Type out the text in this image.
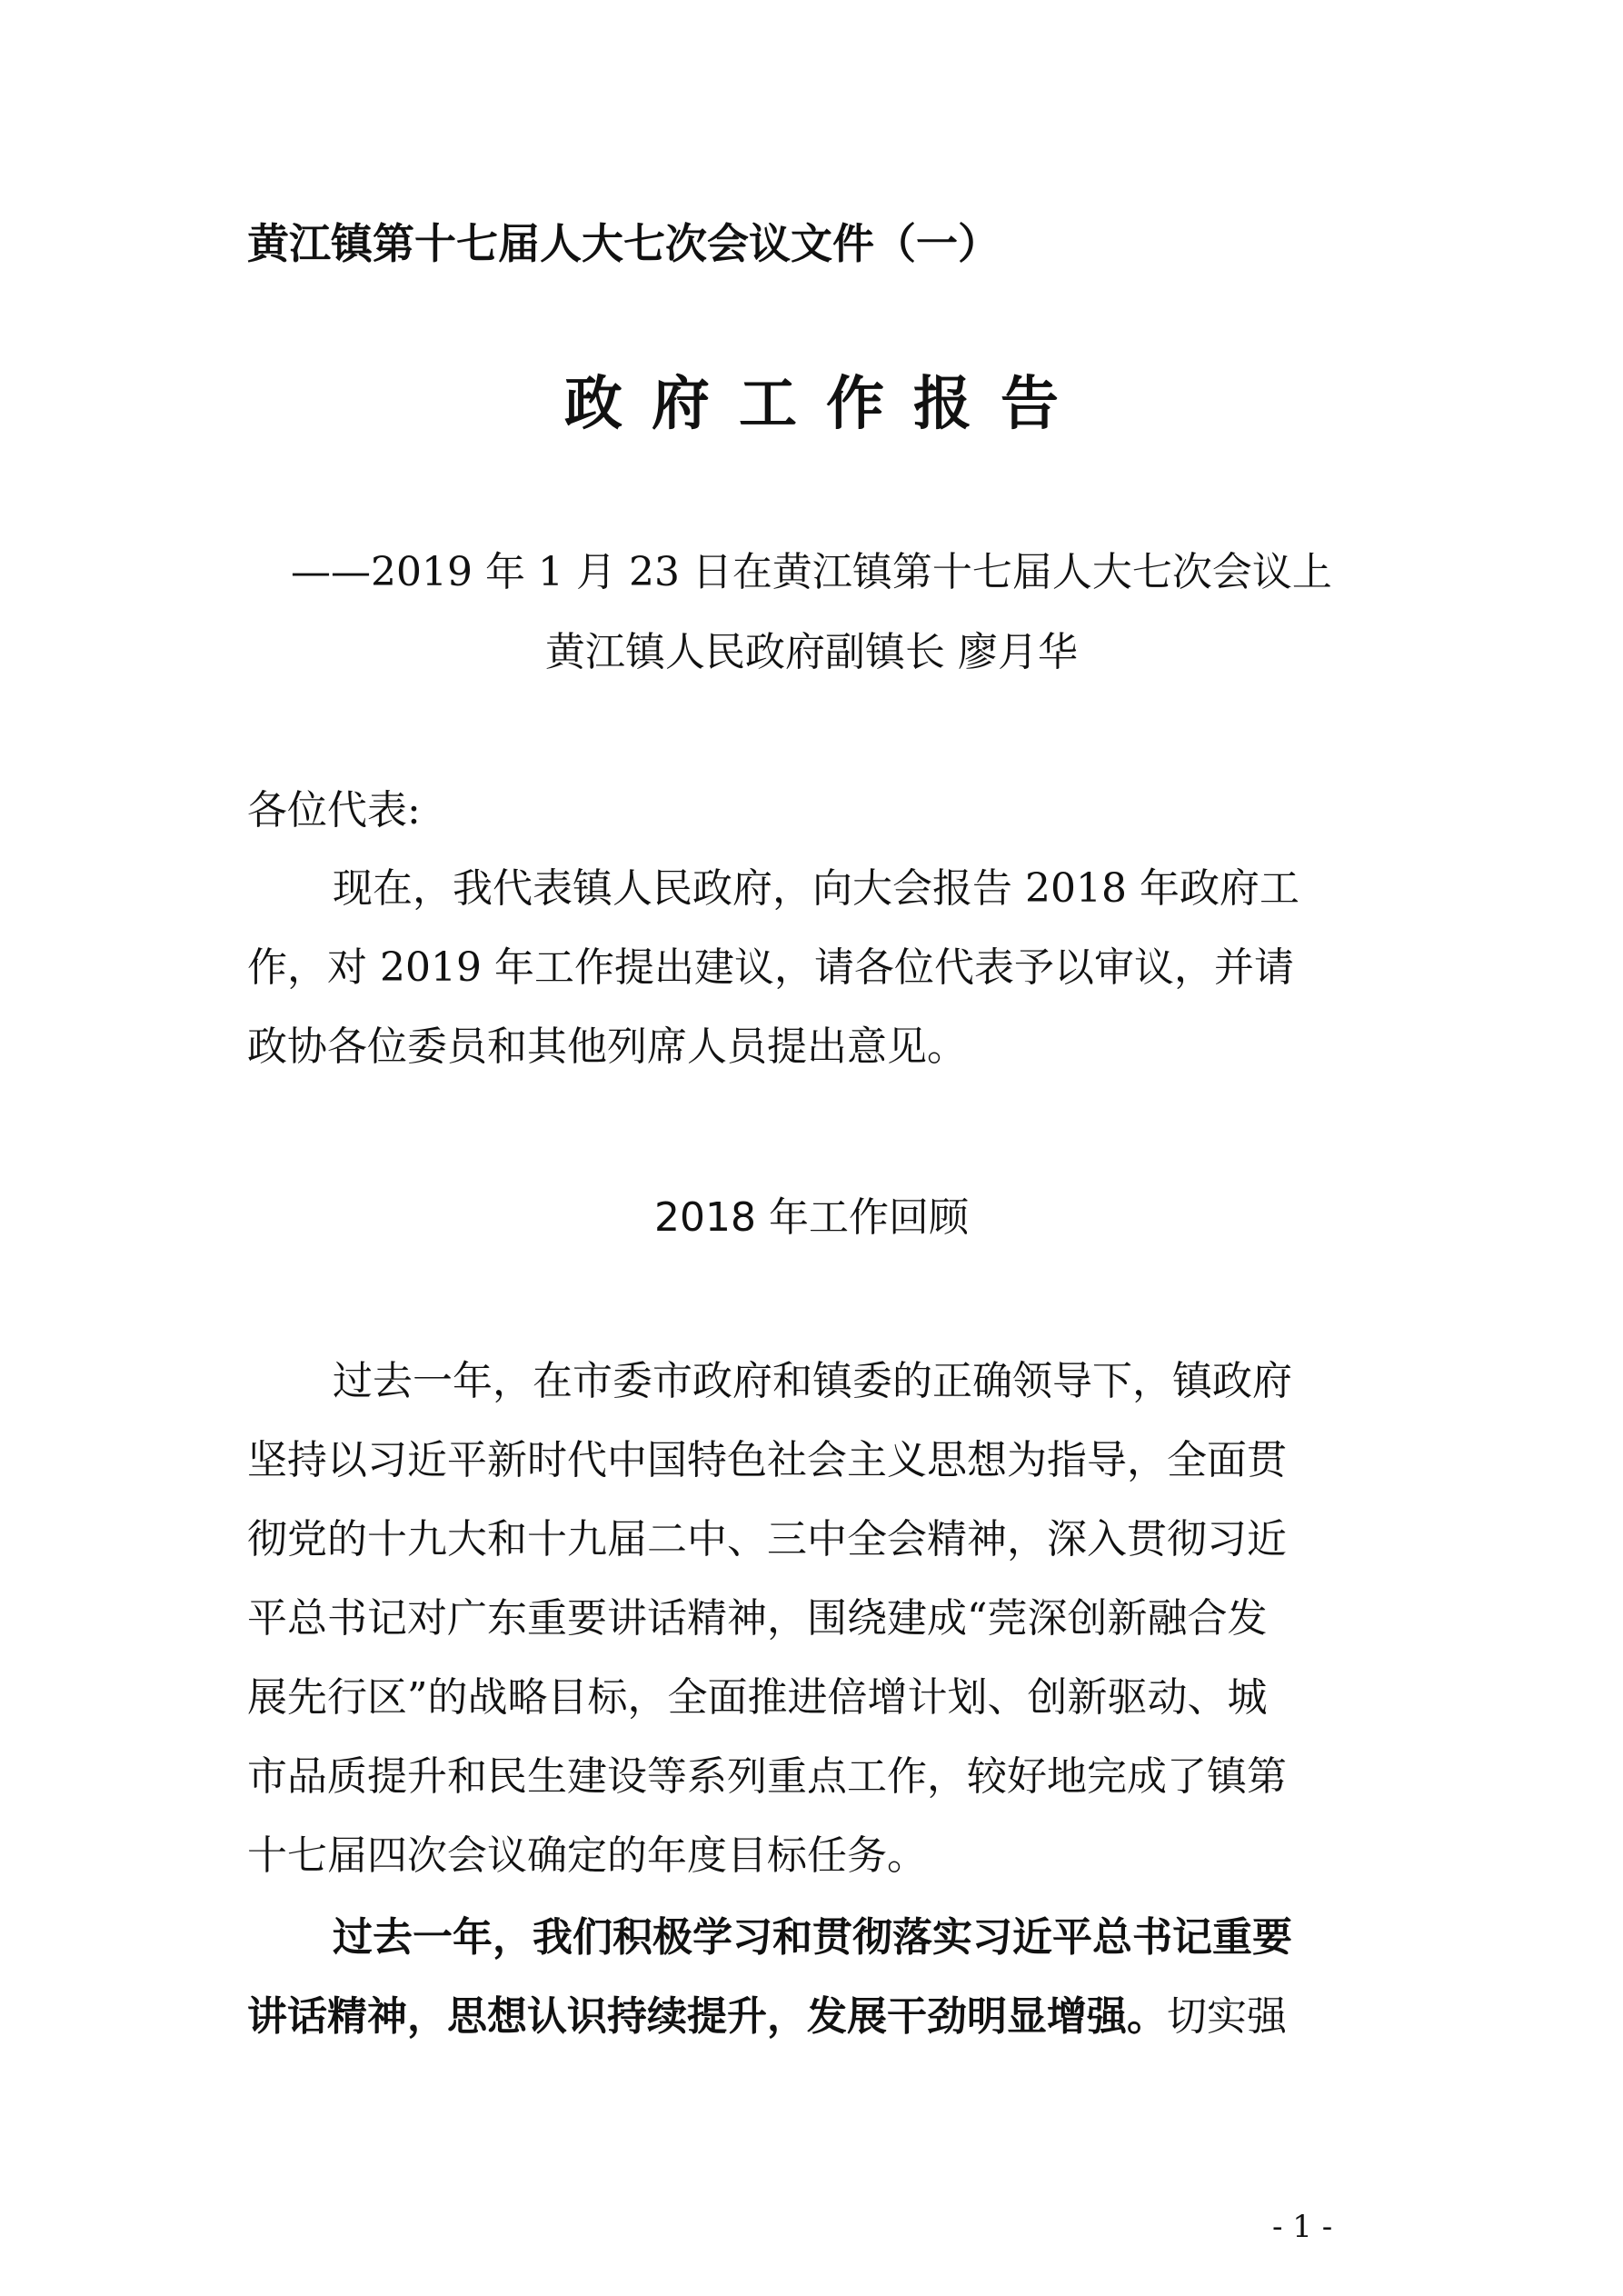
黄江镇第十七届人大七次会议文件（一）
政府工作报告
——2019 年 1 月 23 日在黄江镇第十七届人大七次会议上
黄江镇人民政府副镇长 廖月华
各位代表:
现在，我代表镇人民政府，向大会报告 2018 年政府工
作，对 2019 年工作提出建议，请各位代表予以审议，并请
政协各位委员和其他列席人员提出意见。
2018 年工作回顾
过去一年，在市委市政府和镇委的正确领导下，镇政府
坚持以习近平新时代中国特色社会主义思想为指导，全面贯
彻党的十九大和十九届二中、三中全会精神，深入贯彻习近
平总书记对广东重要讲话精神，围绕建成“莞深创新融合发
展先行区”的战略目标，全面推进倍增计划、创新驱动、城
市品质提升和民生建设等系列重点工作，较好地完成了镇第
十七届四次会议确定的年度目标任务。
过去一年，我们积极学习和贯彻落实习近平总书记重要
讲话精神，思想认识持续提升，发展干劲明显增强。切实强
- 1 -
